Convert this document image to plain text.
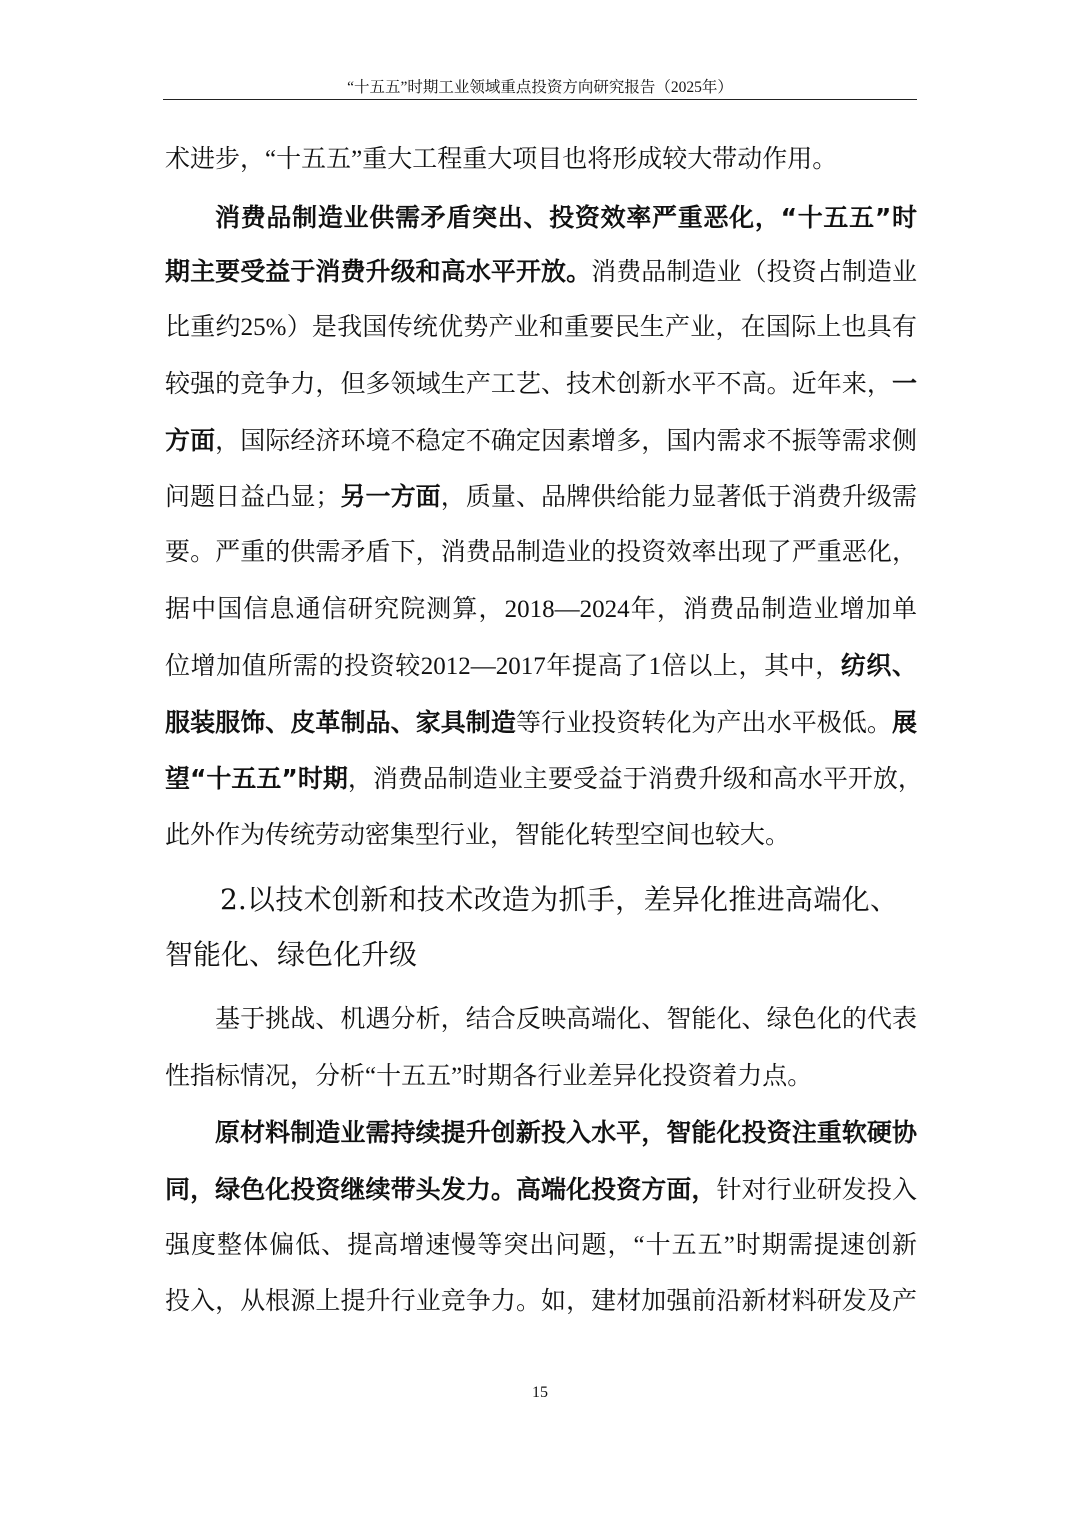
“十五五”时期工业领域重点投资方向研究报告（2025年）
术进步，“十五五”重大工程重大项目也将形成较大带动作用。
消费品制造业供需矛盾突出、投资效率严重恶化，“十五五”时
期主要受益于消费升级和高水平开放。消费品制造业（投资占制造业
比重约25%）是我国传统优势产业和重要民生产业，在国际上也具有
较强的竞争力，但多领域生产工艺、技术创新水平不高。近年来，一
方面，国际经济环境不稳定不确定因素增多，国内需求不振等需求侧
问题日益凸显；另一方面，质量、品牌供给能力显著低于消费升级需
要。严重的供需矛盾下，消费品制造业的投资效率出现了严重恶化，
据中国信息通信研究院测算，2018—2024年，消费品制造业增加单
位增加值所需的投资较2012—2017年提高了1倍以上，其中，纺织、
服装服饰、皮革制品、家具制造等行业投资转化为产出水平极低。展
望“十五五”时期，消费品制造业主要受益于消费升级和高水平开放，
此外作为传统劳动密集型行业，智能化转型空间也较大。
2.以技术创新和技术改造为抓手，差异化推进高端化、
智能化、绿色化升级
基于挑战、机遇分析，结合反映高端化、智能化、绿色化的代表
性指标情况，分析“十五五”时期各行业差异化投资着力点。
原材料制造业需持续提升创新投入水平，智能化投资注重软硬协
同，绿色化投资继续带头发力。高端化投资方面，针对行业研发投入
强度整体偏低、提高增速慢等突出问题，“十五五”时期需提速创新
投入，从根源上提升行业竞争力。如，建材加强前沿新材料研发及产
15
